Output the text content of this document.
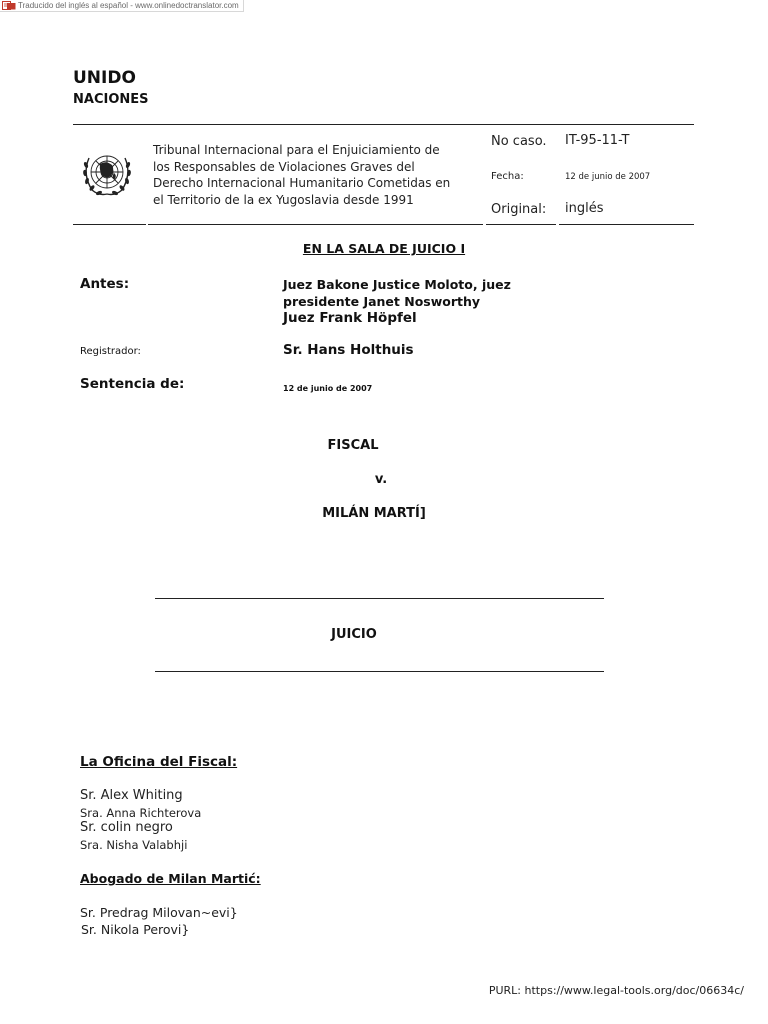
Traducido del inglés al español - www.onlinedoctranslator.com
UNIDO
NACIONES
Tribunal Internacional para el Enjuiciamiento de
los Responsables de Violaciones Graves del
Derecho Internacional Humanitario Cometidas en
el Territorio de la ex Yugoslavia desde 1991
No caso. IT-95-11-T
Fecha:	12 de junio de 2007
Original: inglés
EN LA SALA DE JUICIO I
Antes:	Juez Bakone Justice Moloto, juez
presidente Janet Nosworthy
Juez Frank Höpfel
Registrador:	Sr. Hans Holthuis
Sentencia de:	12 de junio de 2007
FISCAL
v.
MILÁN MARTÍ]
JUICIO
La Oficina del Fiscal:
Sr. Alex Whiting
Sra. Anna Richterova
Sr. colin negro
Sra. Nisha Valabhji
Abogado de Milan Martić:
Sr. Predrag Milovan~evi}
Sr. Nikola Perovi}
PURL: https://www.legal-tools.org/doc/06634c/
